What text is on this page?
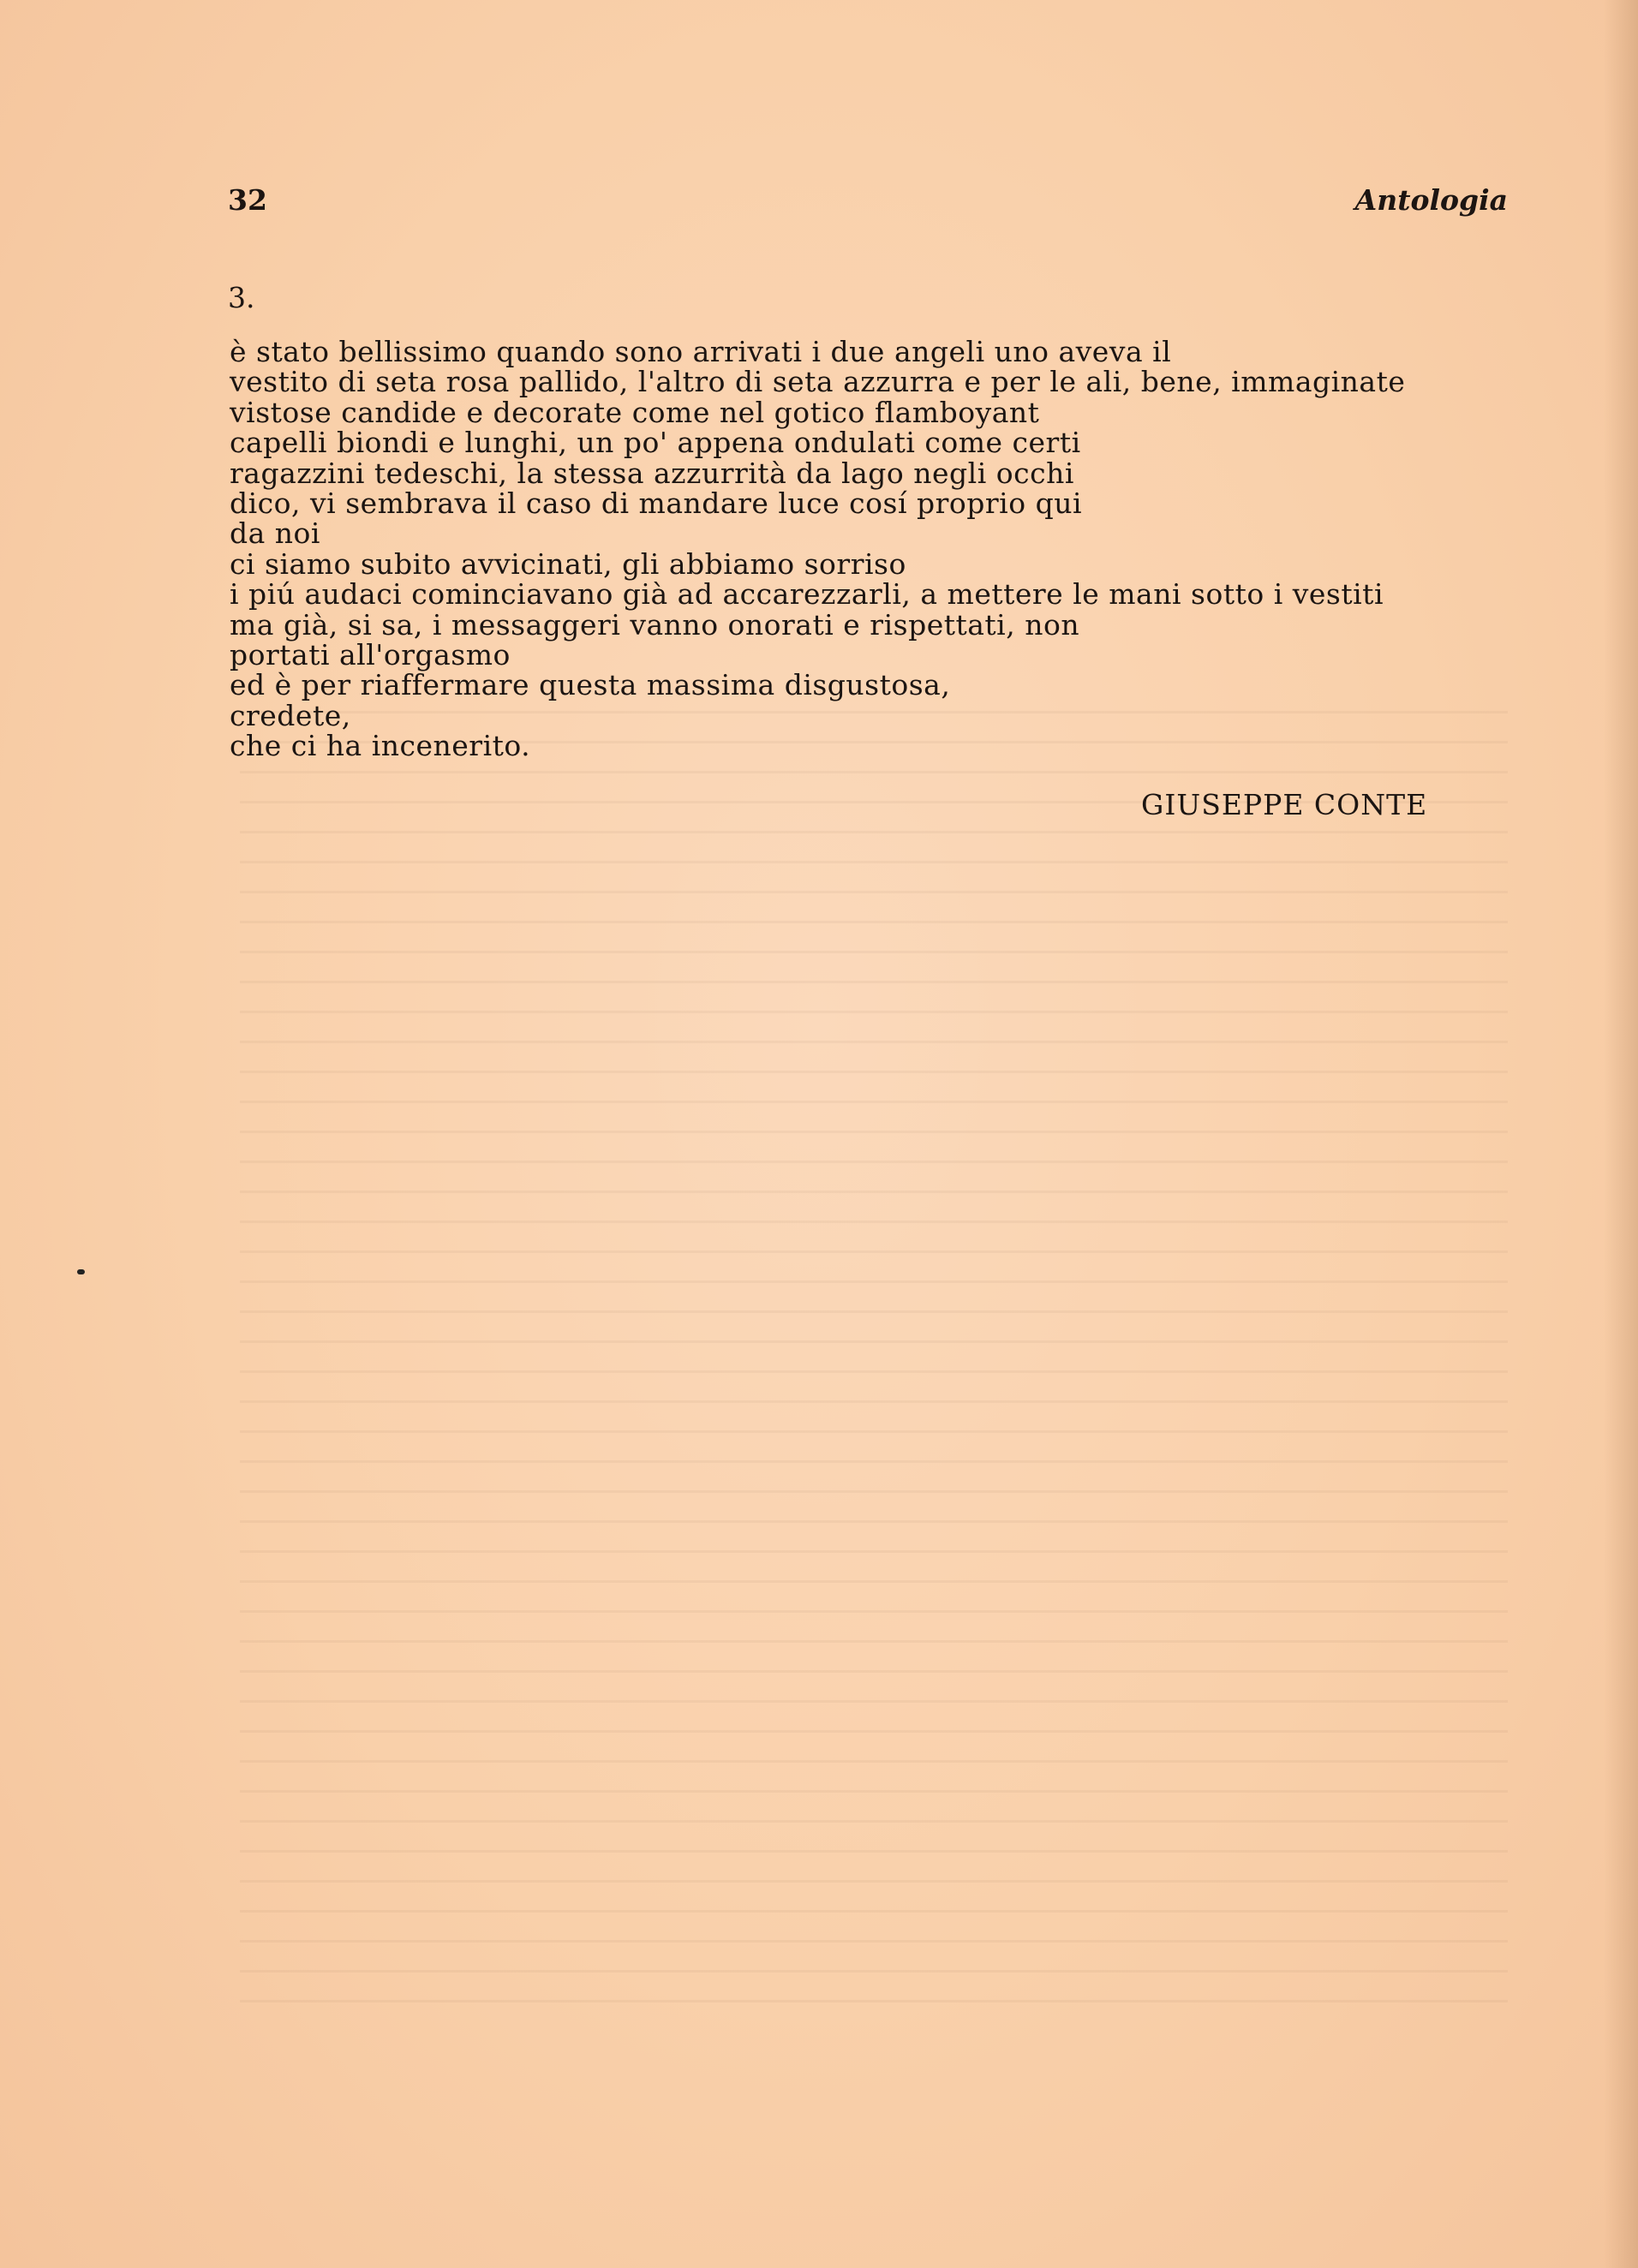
32	Antologia
3.
è stato bellissimo quando sono arrivati i due angeli uno aveva il
vestito di seta rosa pallido, l'altro di seta azzurra e per le ali, bene, immaginate
vistose candide e decorate come nel gotico flamboyant
capelli biondi e lunghi, un po' appena ondulati come certi
ragazzini tedeschi, la stessa azzurrità da lago negli occhi
dico, vi sembrava il caso di mandare luce cosí proprio qui
da noi
ci siamo subito avvicinati, gli abbiamo sorriso
i piú audaci cominciavano già ad accarezzarli, a mettere le mani sotto i vestiti
ma già, si sa, i messaggeri vanno onorati e rispettati, non
portati all'orgasmo
ed è per riaffermare questa massima disgustosa,
credete,
che ci ha incenerito.
GIUSEPPE CONTE
